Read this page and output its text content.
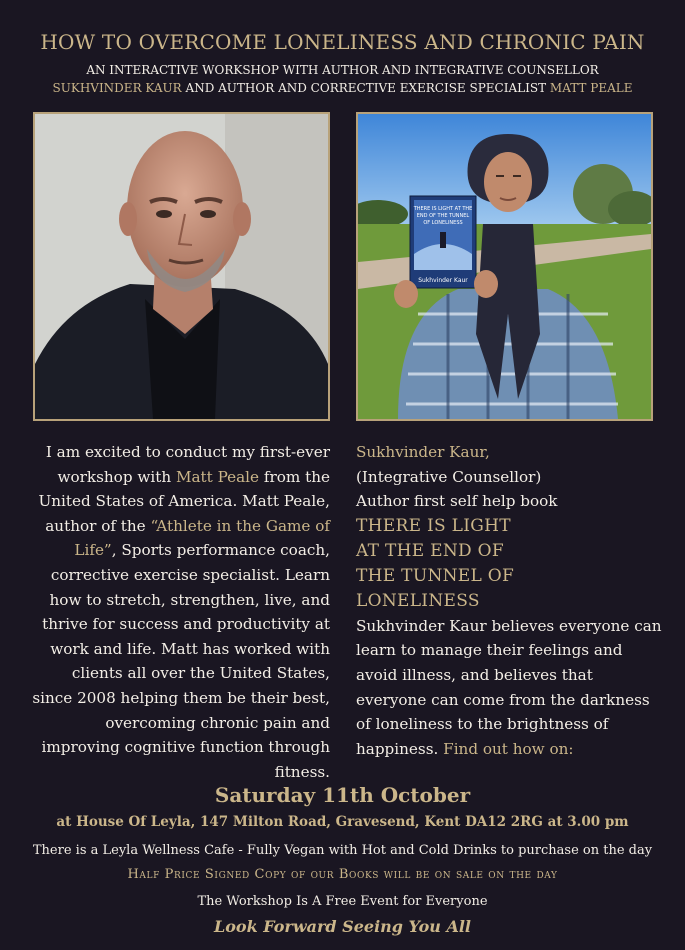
HOW TO OVERCOME LONELINESS AND CHRONIC PAIN
AN INTERACTIVE WORKSHOP WITH AUTHOR AND INTEGRATIVE COUNSELLOR
SUKHVINDER KAUR AND AUTHOR AND CORRECTIVE EXERCISE SPECIALIST MATT PEALE
THERE IS LIGHT AT THE
END OF THE TUNNEL
OF LONELINESS
Sukhvinder Kaur
I am excited to conduct my first-ever workshop with Matt Peale from the United States of America. Matt Peale, author of the “Athlete in the Game of Life”, Sports performance coach, corrective exercise specialist. Learn how to stretch, strengthen, live, and thrive for success and productivity at work and life. Matt has worked with clients all over the United States, since 2008 helping them be their best, overcoming chronic pain and improving cognitive function through fitness.
Sukhvinder Kaur,
(Integrative Counsellor)
Author first self help book
THERE IS LIGHT
AT THE END OF
THE TUNNEL OF
LONELINESS
Sukhvinder Kaur believes everyone can learn to manage their feelings and avoid illness, and believes that everyone can come from the darkness of loneliness to the brightness of happiness. Find out how on:
Saturday 11th October
at House Of Leyla, 147 Milton Road, Gravesend, Kent DA12 2RG at 3.00 pm
There is a Leyla Wellness Cafe - Fully Vegan with Hot and Cold Drinks to purchase on the day
Half Price Signed Copy of our Books will be on sale on the day
The Workshop Is A Free Event for Everyone
Look Forward Seeing You All
